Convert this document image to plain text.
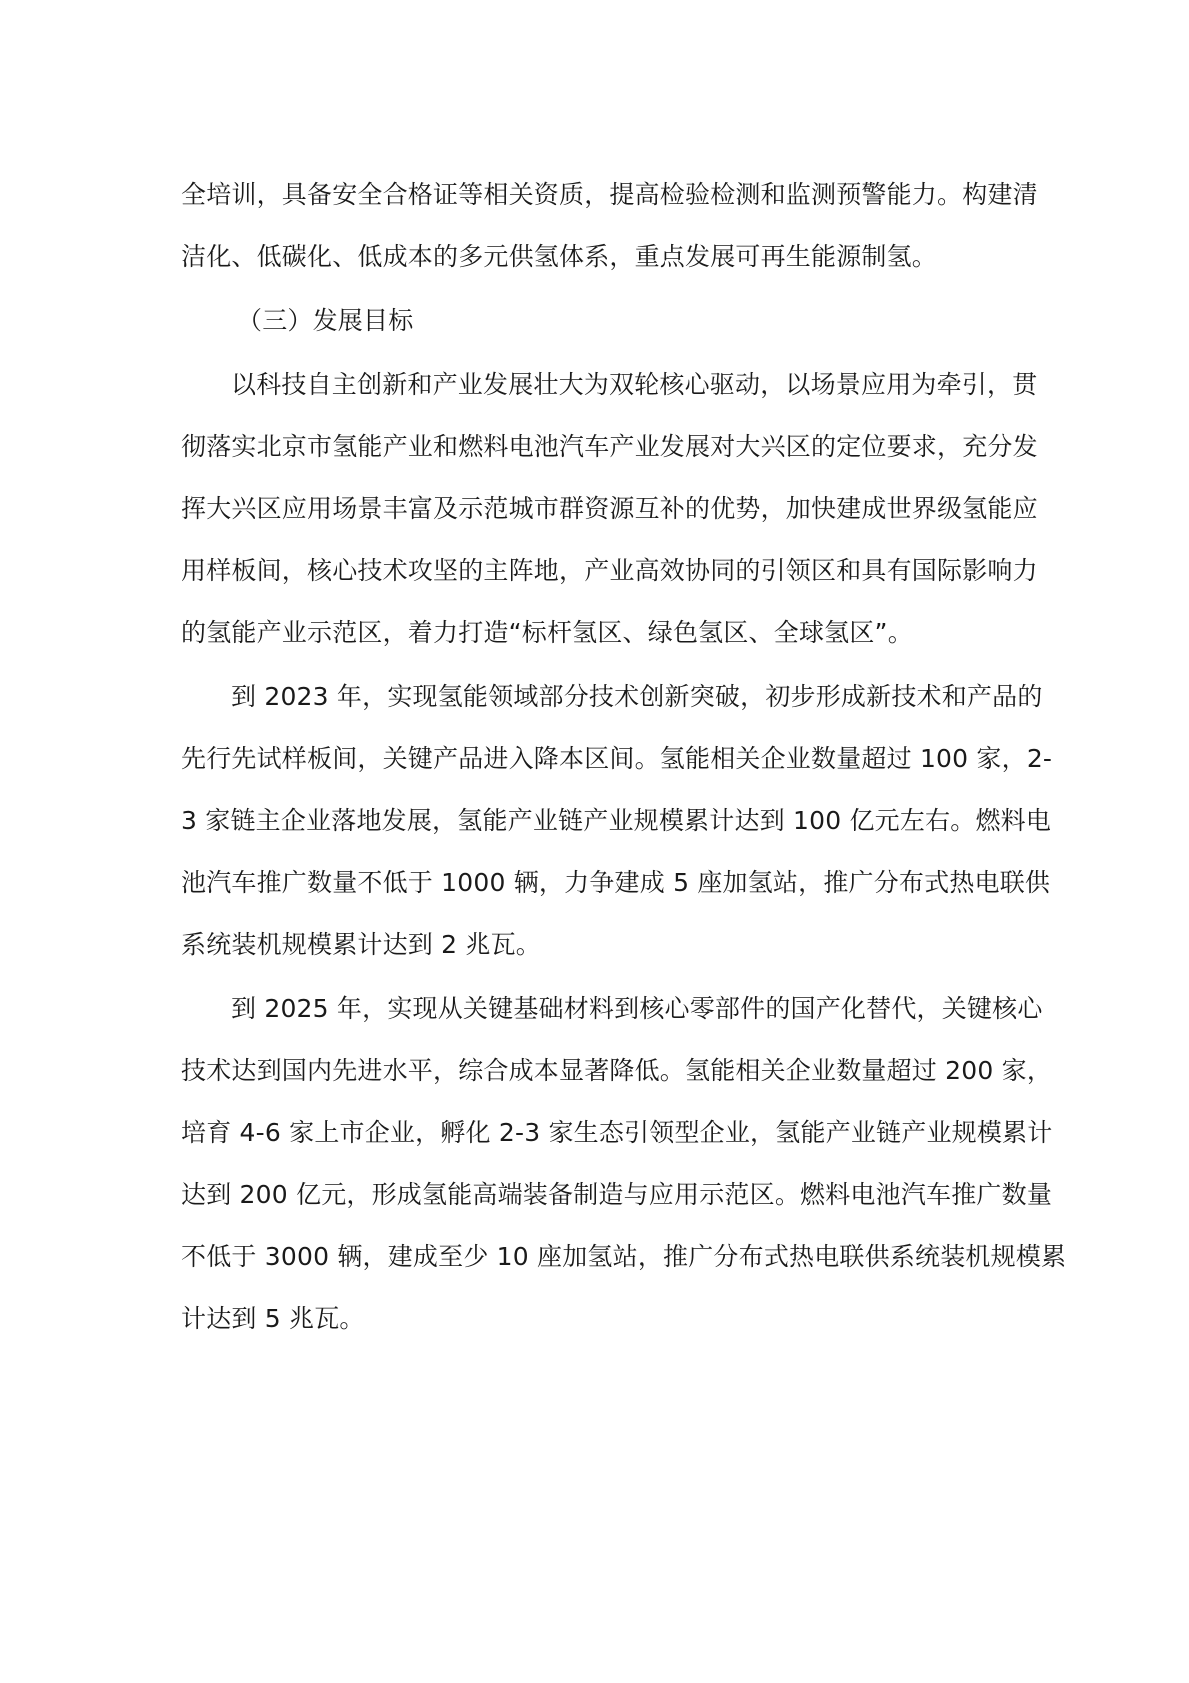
全培训，具备安全合格证等相关资质，提高检验检测和监测预警能力。构建清
洁化、低碳化、低成本的多元供氢体系，重点发展可再生能源制氢。

（三）发展目标

以科技自主创新和产业发展壮大为双轮核心驱动，以场景应用为牵引，贯
彻落实北京市氢能产业和燃料电池汽车产业发展对大兴区的定位要求，充分发
挥大兴区应用场景丰富及示范城市群资源互补的优势，加快建成世界级氢能应
用样板间，核心技术攻坚的主阵地，产业高效协同的引领区和具有国际影响力
的氢能产业示范区，着力打造“标杆氢区、绿色氢区、全球氢区”。

到 2023 年，实现氢能领域部分技术创新突破，初步形成新技术和产品的
先行先试样板间，关键产品进入降本区间。氢能相关企业数量超过 100 家，2-
3 家链主企业落地发展，氢能产业链产业规模累计达到 100 亿元左右。燃料电
池汽车推广数量不低于 1000 辆，力争建成 5 座加氢站，推广分布式热电联供
系统装机规模累计达到 2 兆瓦。

到 2025 年，实现从关键基础材料到核心零部件的国产化替代，关键核心
技术达到国内先进水平，综合成本显著降低。氢能相关企业数量超过 200 家，
培育 4-6 家上市企业，孵化 2-3 家生态引领型企业，氢能产业链产业规模累计
达到 200 亿元，形成氢能高端装备制造与应用示范区。燃料电池汽车推广数量
不低于 3000 辆，建成至少 10 座加氢站，推广分布式热电联供系统装机规模累
计达到 5 兆瓦。
